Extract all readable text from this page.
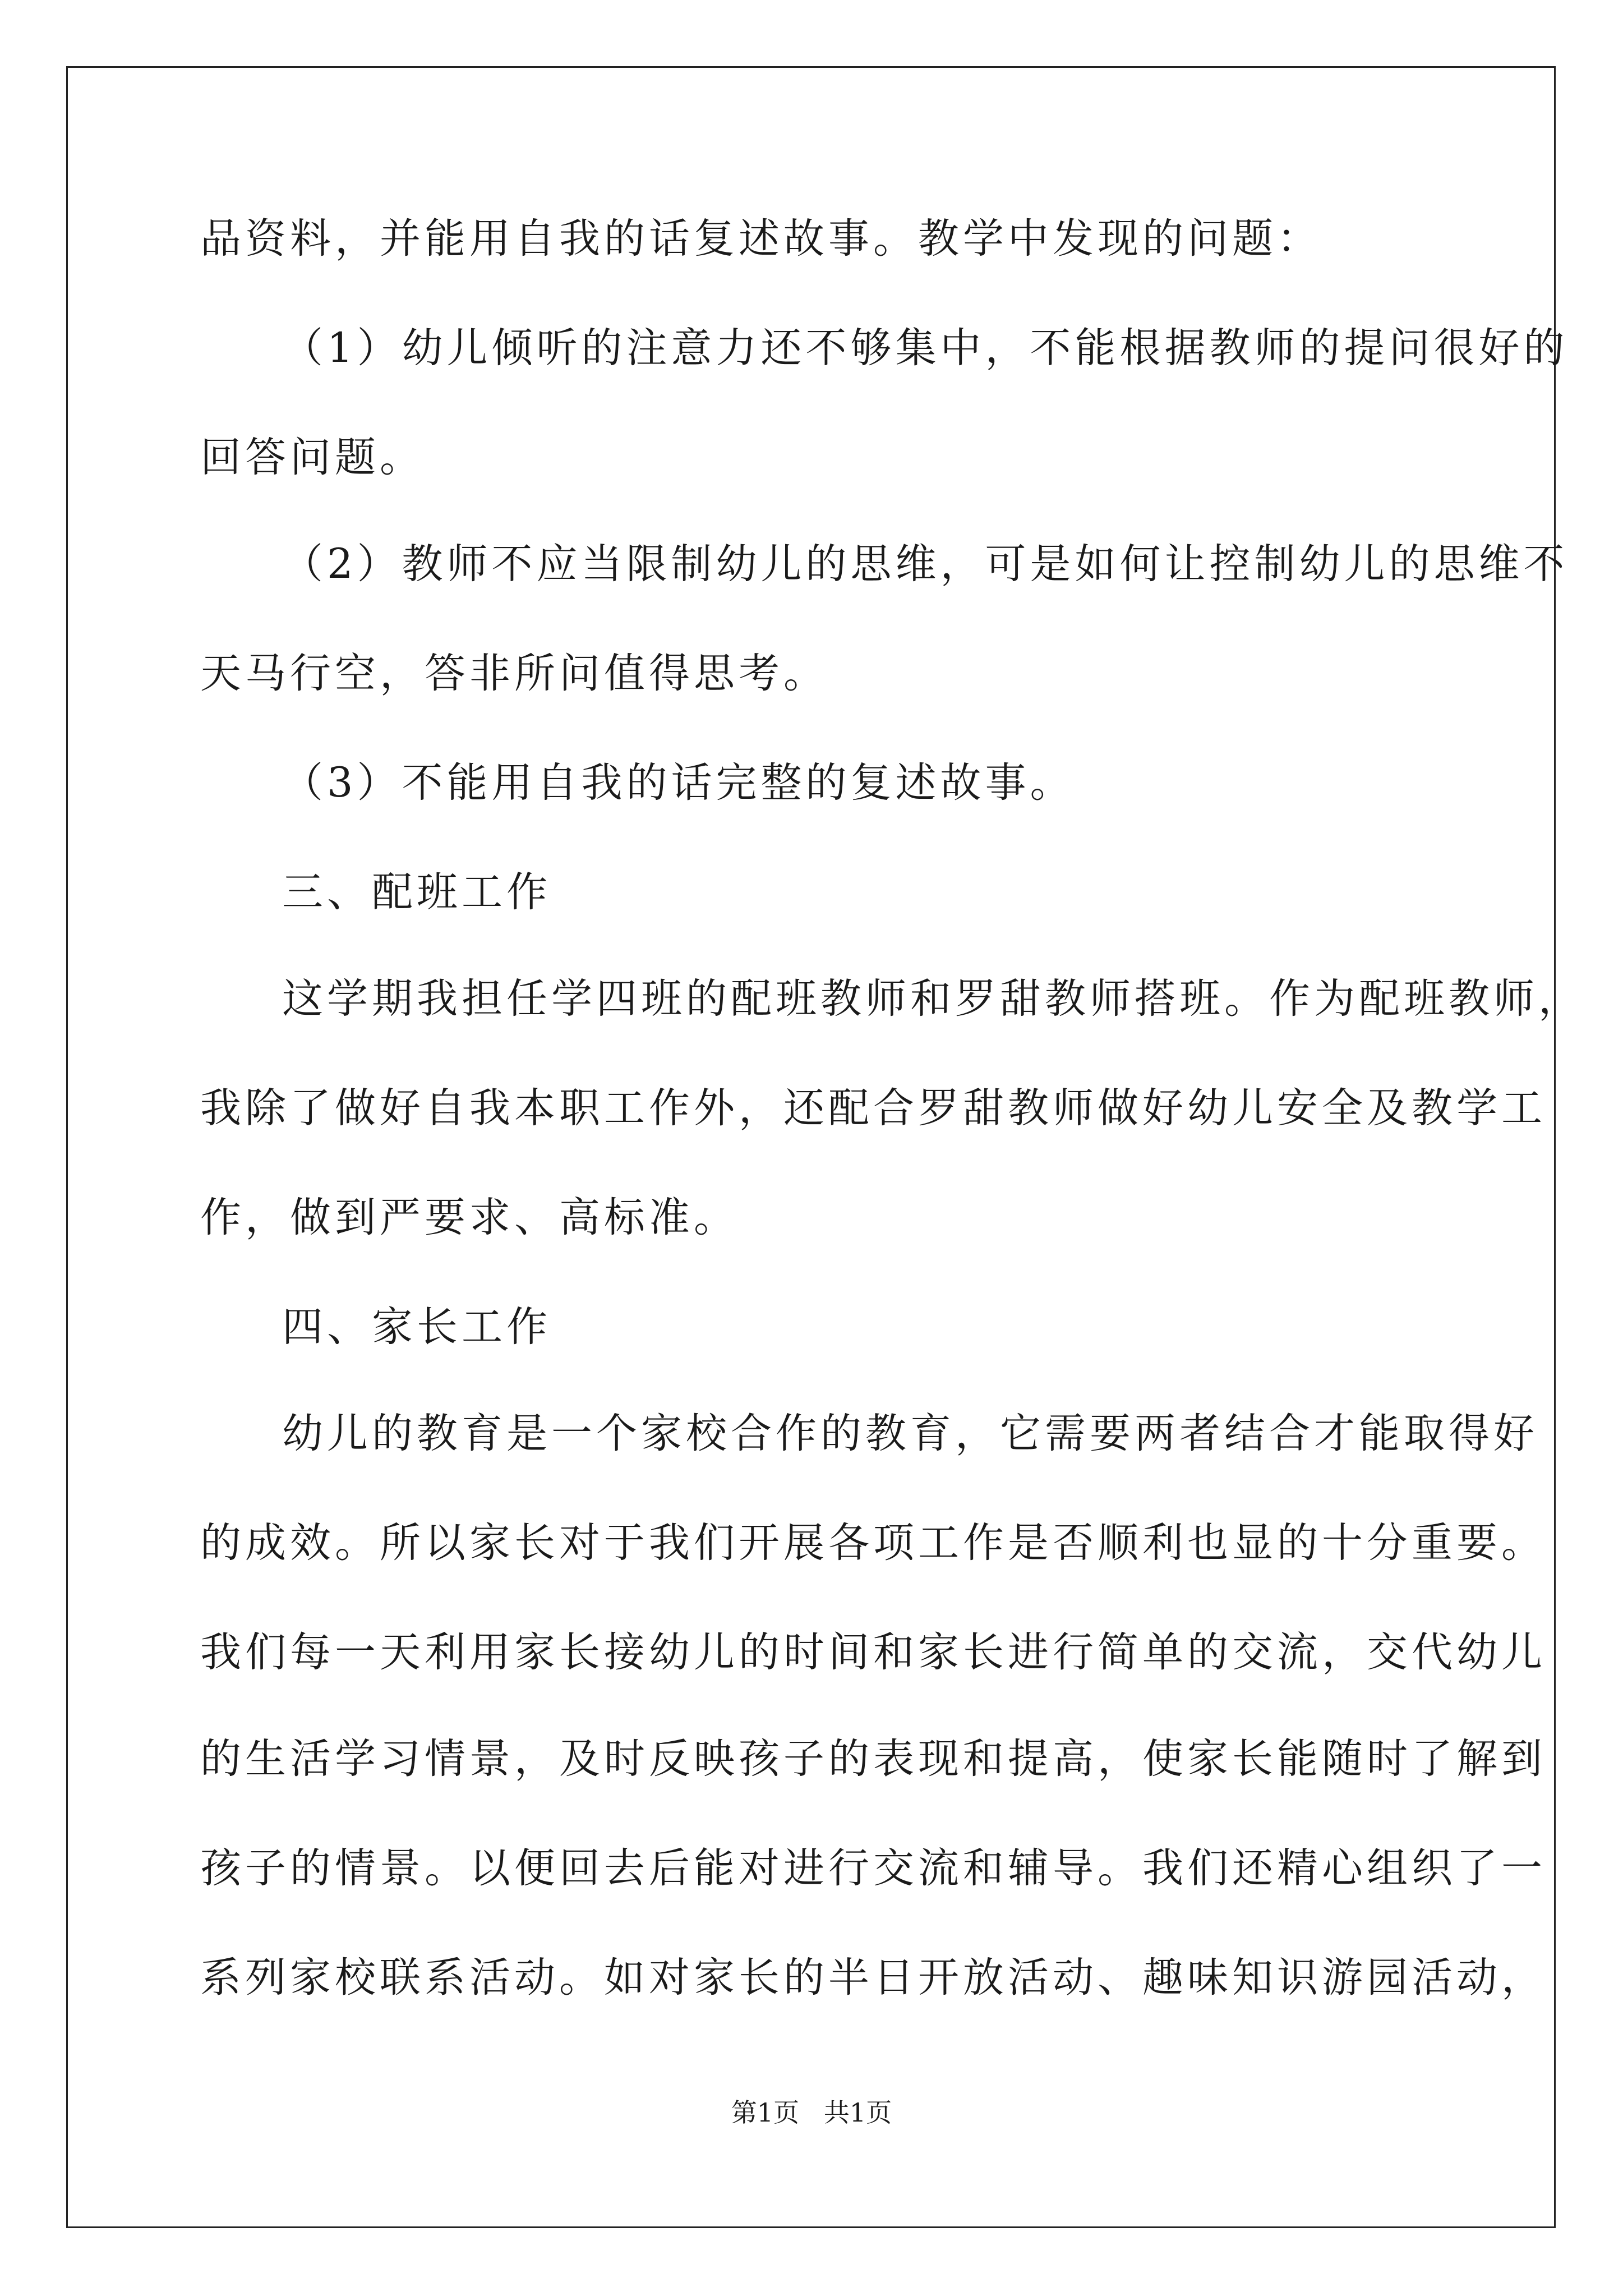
品资料，并能用自我的话复述故事。教学中发现的问题：

（1）幼儿倾听的注意力还不够集中，不能根据教师的提问很好的

回答问题。

（2）教师不应当限制幼儿的思维，可是如何让控制幼儿的思维不

天马行空，答非所问值得思考。

（3）不能用自我的话完整的复述故事。

三、配班工作

这学期我担任学四班的配班教师和罗甜教师搭班。作为配班教师，

我除了做好自我本职工作外，还配合罗甜教师做好幼儿安全及教学工

作，做到严要求、高标准。

四、家长工作

幼儿的教育是一个家校合作的教育，它需要两者结合才能取得好

的成效。所以家长对于我们开展各项工作是否顺利也显的十分重要。

我们每一天利用家长接幼儿的时间和家长进行简单的交流，交代幼儿

的生活学习情景，及时反映孩子的表现和提高，使家长能随时了解到

孩子的情景。以便回去后能对进行交流和辅导。我们还精心组织了一

系列家校联系活动。如对家长的半日开放活动、趣味知识游园活动，

第1页   共1页
